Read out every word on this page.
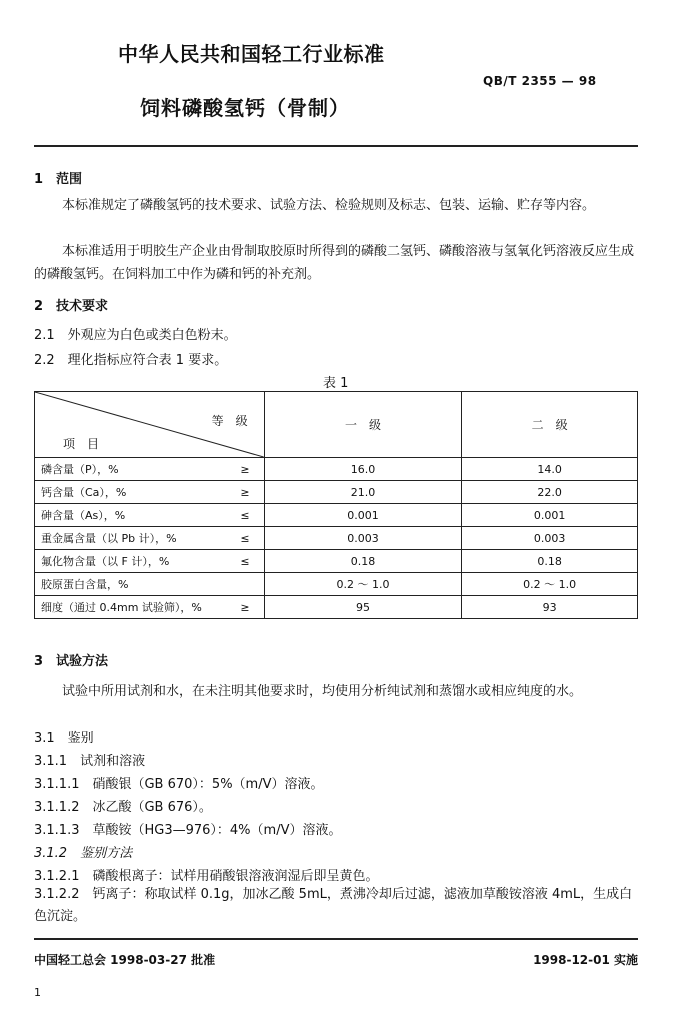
中华人民共和国轻工行业标准
QB/T 2355 — 98
饲料磷酸氢钙（骨制）
1　范围
本标准规定了磷酸氢钙的技术要求、试验方法、检验规则及标志、包装、运输、贮存等内容。
本标准适用于明胶生产企业由骨制取胶原时所得到的磷酸二氢钙、磷酸溶液与氢氧化钙溶液反应生成的磷酸氢钙。在饲料加工中作为磷和钙的补充剂。
2　技术要求
2.1　外观应为白色或类白色粉末。
2.2　理化指标应符合表 1 要求。
表 1
等　级
项　目	一　级	二　级

磷含量（P），% ≥	16.0	14.0

钙含量（Ca），% ≥	21.0	22.0

砷含量（As），% ≤	0.001	0.001

重金属含量（以 Pb 计），% ≤	0.003	0.003

氟化物含量（以 F 计），% ≤	0.18	0.18

胶原蛋白含量，%	0.2 ～ 1.0	0.2 ～ 1.0

细度（通过 0.4mm 试验筛），% ≥	95	93
3　试验方法
试验中所用试剂和水，在未注明其他要求时，均使用分析纯试剂和蒸馏水或相应纯度的水。
3.1　鉴别
3.1.1　试剂和溶液
3.1.1.1　硝酸银（GB 670）：5%（m/V）溶液。
3.1.1.2　冰乙酸（GB 676）。
3.1.1.3　草酸铵（HG3—976）：4%（m/V）溶液。
3.1.2　鉴别方法
3.1.2.1　磷酸根离子：试样用硝酸银溶液润湿后即呈黄色。
3.1.2.2　钙离子：称取试样 0.1g，加冰乙酸 5mL，煮沸冷却后过滤，滤液加草酸铵溶液 4mL，生成白色沉淀。
中国轻工总会 1998-03-27 批准	1998-12-01 实施
1
